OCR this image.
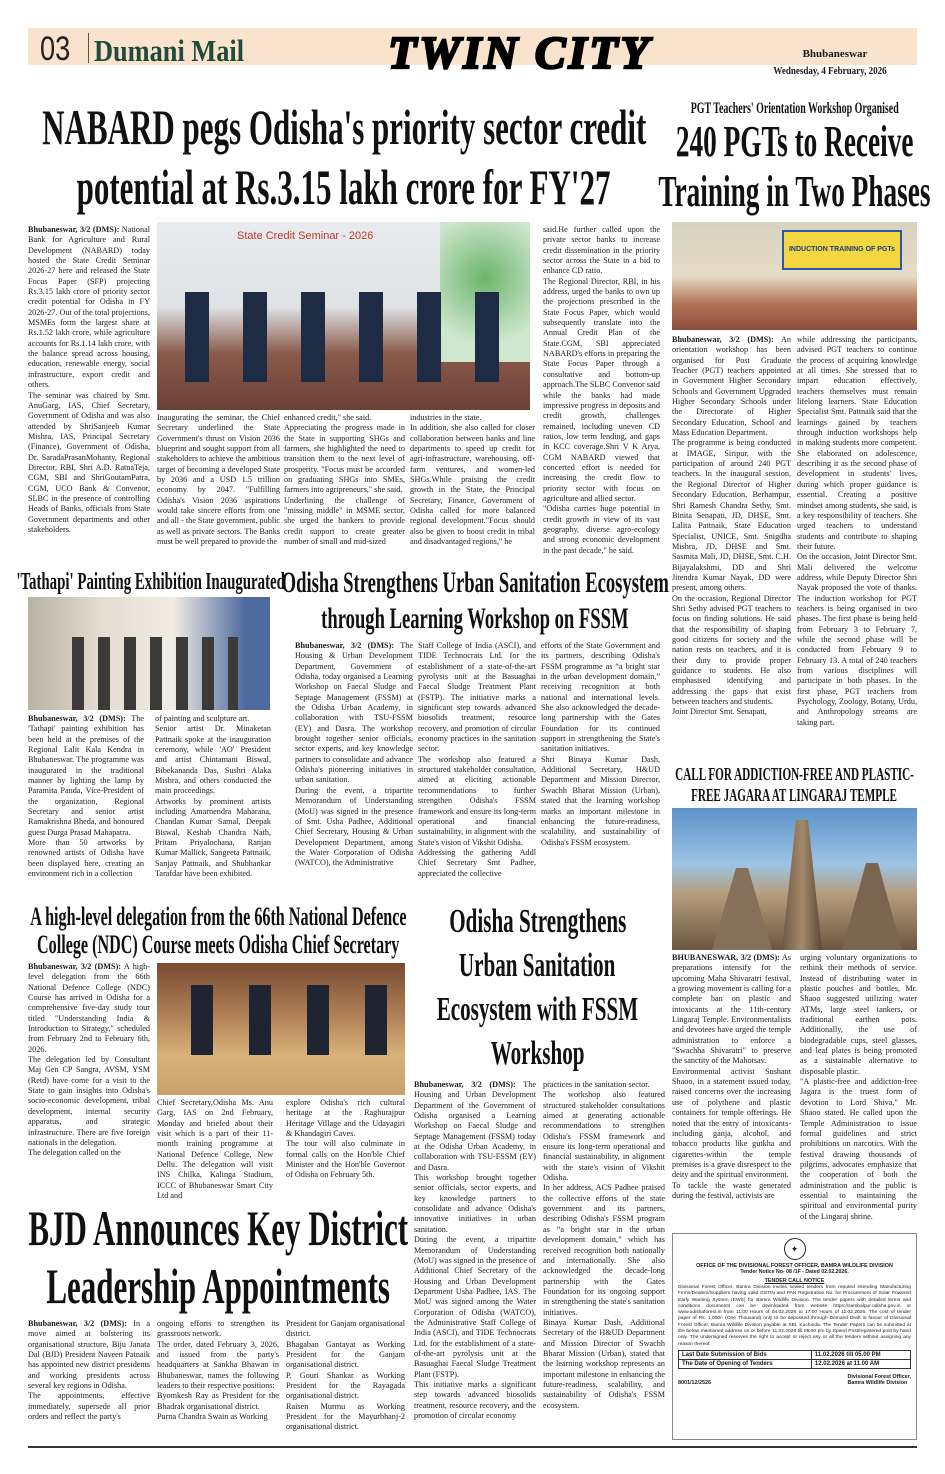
03 Dumani Mail	TWIN CITY	Bhubaneswar
Wednesday, 4 February, 2026
NABARD pegs Odisha's priority sector credit
potential at Rs.3.15 lakh crore for FY'27
State Credit Seminar - 2026

Bhubaneswar, 3/2 (DMS): National Bank for Agriculture and Rural Development (NABARD) today hosted the State Credit Seminar 2026-27 here and released the State Focus Paper (SFP) projecting Rs.3.15 lakh crore of priority sector credit potential for Odisha in FY 2026-27. Out of the total projections, MSMEs form the largest share at Rs.1.52 lakh crore, while agriculture accounts for Rs.1.14 lakh crore, with the balance spread across housing, education, renewable energy, social infrastructure, export credit and others.

The seminar was chaired by Smt. AnuGarg, IAS, Chief Secretary, Government of Odisha and was also attended by ShriSanjeeb Kumar Mishra, IAS, Principal Secretary (Finance), Government of Odisha, Dr. SaradaPrasanMohanty, Regional Director, RBI, Shri A.D. RatnaTeja, CGM, SBI and ShriGoutamPatra, CGM, UCO Bank & Convenor, SLBC in the presence of controlling Heads of Banks, officials from State Government departments and other stakeholders.

Inaugurating the seminar, the Chief Secretary underlined the State Government's thrust on Vision 2036 blueprint and sought support from all stakeholders to achieve the ambitious target of becoming a developed State by 2036 and a USD 1.5 trillion economy by 2047. "Fulfilling Odisha's Vision 2036 aspirations would take sincere efforts from one and all - the State government, public as well as private sectors. The Banks must be well prepared to provide the

enhanced credit," she said.

Appreciating the progress made in the State in supporting SHGs and farmers, she highlighted the need to transition them to the next level of prosperity. "Focus must be accorded on graduating SHGs into SMEs, farmers into agripreneurs," she said.

Underlining the challenge of "missing middle" in MSME sector, she urged the bankers to provide credit support to create greater number of small and mid-sized

industries in the state.

In addition, she also called for closer collaboration between banks and line departments to speed up credit for agri-infrastructure, warehousing, off-farm ventures, and women-led SHGs.While praising the credit growth in the State, the Principal Secretary, Finance, Government of Odisha called for more balanced regional development."Focus should also be given to boost credit in tribal and disadvantaged regions," he

said.He further called upon the private sector banks to increase credit dissemination in the priority sector across the State in a bid to enhance CD ratio.

The Regional Director, RBI, in his address, urged the banks to own up the projections prescribed in the State Focus Paper, which would subsequently translate into the Annual Credit Plan of the State.CGM, SBI appreciated NABARD's efforts in preparing the State Focus Paper through a consultative and bottom-up approach.The SLBC Convenor said while the banks had made impressive progress in deposits and credit growth, challenges remained, including uneven CD ratios, low term lending, and gaps in KCC coverage.Shri V K Arya, CGM NABARD viewed that concerted effort is needed for increasing the credit flow to priority sector with focus on agriculture and allied sector.

"Odisha carries huge potential in credit growth in view of its vast geography, diverse agro-ecology and strong economic development in the past decade," he said.

PGT Teachers' Orientation Workshop Organised
240 PGTs to Receive
Training in Two Phases
INDUCTION TRAINING OF PGTs

Bhubaneswar, 3/2 (DMS): An orientation workshop has been organised for Post Graduate Teacher (PGT) teachers appointed in Government Higher Secondary Schools and Government Upgraded Higher Secondary Schools under the Directorate of Higher Secondary Education, School and Mass Education Department.

The programme is being conducted at IMAGE, Siripur, with the participation of around 240 PGT teachers. In the inaugural session, the Regional Director of Higher Secondary Education, Berhampur, Shri Ramesh Chandra Sethy, Smt. Binita Senapati, JD, DHSE, Smt. Lalita Pattnaik, State Education Specialist, UNICE, Smt. Snigdha Mishra, JD, DHSE and Smt. Sasmita Mali, JD, DHSE, Smt. C.H. Bijayalakshmi, DD and Shri Jitendra Kumar Nayak, DD were present, among others.

On the occasion, Regional Director Shri Sethy advised PGT teachers to focus on finding solutions. He said that the responsibility of shaping good citizens for society and the nation rests on teachers, and it is their duty to provide proper guidance to students. He also emphasised identifying and addressing the gaps that exist between teachers and students.

Joint Director Smt. Senapati,

while addressing the participants, advised PGT teachers to continue the process of acquiring knowledge at all times. She stressed that to impart education effectively, teachers themselves must remain lifelong learners. State Education Specialist Smt. Pattnaik said that the learnings gained by teachers through induction workshops help in making students more competent. She elaborated on adolescence, describing it as the second phase of development in students' lives, during which proper guidance is essential. Creating a positive mindset among students, she said, is a key responsibility of teachers. She urged teachers to understand students and contribute to shaping their future.

On the occasion, Joint Director Smt. Mali delivered the welcome address, while Deputy Director Shri Nayak proposed the vote of thanks. The induction workshop for PGT teachers is being organised in two phases. The first phase is being held from February 3 to February 7, while the second phase will be conducted from February 9 to February 13. A total of 240 teachers from various disciplines will participate in both phases. In the first phase, PGT teachers from Psychology, Zoology, Botany, Urdu, and Anthropology streams are taking part.

'Tathapi' Painting Exhibition Inaugurated

Bhubaneswar, 3/2 (DMS): The 'Tathapi' painting exhibition has been held at the premises of the Regional Lalit Kala Kendra in Bhubaneswar. The programme was inaugurated in the traditional manner by lighting the lamp by Paramita Panda, Vice-President of the organization, Regional Secretary and senior artist Ramakrishna Bheda, and honoured guest Durga Prasad Mahapatra.

More than 50 artworks by renowned artists of Odisha have been displayed here, creating an environment rich in a collection

of painting and sculpture art.

Senior artist Dr. Minaketan Pattnaik spoke at the inauguration ceremony, while 'AO' President and artist Chintamani Biswal, Bibekananda Das, Sushri Alaka Mishra, and others conducted the main proceedings.

Artworks by prominent artists including Amarnendra Maharana, Chandan Kumar Samal, Deepak Biswal, Keshab Chandra Nath, Pritam Priyalochana, Ranjan Kumar Mallick, Sangeeta Pattnaik, Sanjay Pattnaik, and Shubhankar Tarafdar have been exhibited.

Odisha Strengthens Urban Sanitation Ecosystem
through Learning Workshop on FSSM

Bhubaneswar, 3/2 (DMS): The Housing & Urban Development Department, Government of Odisha, today organised a Learning Workshop on Faecal Sludge and Septage Management (FSSM) at the Odisha Urban Academy, in collaboration with TSU-FSSM (EY) and Dasra. The workshop brought together senior officials, sector experts, and key knowledge partners to consolidate and advance Odisha's pioneering initiatives in urban sanitation.

During the event, a tripartite Memorandum of Understanding (MoU) was signed in the presence of Smt. Usha Padhee, Additional Chief Secretary, Housing & Urban Development Department, among the Water Corporation of Odisha (WATCO), the Administrative

Staff College of India (ASCI), and TIDE Technocrats Ltd. for the establishment of a state-of-the-art pyrolysis unit at the Basuaghai Faecal Sludge Treatment Plant (FSTP). The initiative marks a significant step towards advanced biosolids treatment, resource recovery, and promotion of circular economy practices in the sanitation sector.

The workshop also featured a structured stakeholder consultation, aimed at eliciting actionable recommendations to further strengthen Odisha's FSSM framework and ensure its long-term operational and financial sustainability, in alignment with the State's vision of Vikshit Odisha.

Addressing the gathering Addl Chief Secretary Smt Padhee, appreciated the collective

efforts of the State Government and its partners, describing Odisha's FSSM programme as “a bright star in the urban development domain,” receiving recognition at both national and international levels. She also acknowledged the decade-long partnership with the Gates Foundation for its continued support in strengthening the State's sanitation initiatives.

Shri Binaya Kumar Dash, Additional Secretary, H&UD Department and Mission Director, Swachh Bharat Mission (Urban), stated that the learning workshop marks an important milestone in enhancing the future-readiness, scalability, and sustainability of Odisha's FSSM ecosystem.

A high-level delegation from the 66th National Defence
College (NDC) Course meets Odisha Chief Secretary

Bhubaneswar, 3/2 (DMS): A high-level delegation from the 66th National Defence College (NDC) Course has arrived in Odisha for a comprehensive five-day study tour titled "Understanding India & Introduction to Strategy," scheduled from February 2nd to February 6th, 2026.

The delegation led by Consultant Maj Gen CP Sangra, AVSM, YSM (Retd) have come for a visit to the State to gain insights into Odisha's socio-economic development, tribal development, internal security apparatus, and strategic infrastructure. There are five foreign nationals in the delegation.

The delegation called on the

Chief Secretary,Odisha Ms. Anu Garg, IAS on 2nd February, Monday and briefed about their visit which is a part of their 11-month training programme at National Defence College, New Delhi. The delegation will visit INS Chilka, Kalinga Stadium, ICCC of Bhubaneswar Smart City Ltd and

explore Odisha's rich cultural heritage at the Raghurajpur Heritage Village and the Udayagiri & Khandagiri Caves.

The tour will also culminate in formal calls on the Hon'ble Chief Minister and the Hon'ble Governor of Odisha on February 5th.

Odisha Strengthens
Urban Sanitation
Ecosystem with FSSM
Workshop

Bhubaneswar, 3/2 (DMS): The Housing and Urban Development Department of the Government of Odisha organised a Learning Workshop on Faecal Sludge and Septage Management (FSSM) today at the Odisha Urban Academy, in collaboration with TSU-FSSM (EY) and Dasra.

This workshop brought together senior officials, sector experts, and key knowledge partners to consolidate and advance Odisha's innovative initiatives in urban sanitation.

During the event, a tripartite Memorandum of Understanding (MoU) was signed in the presence of Additional Chief Secretary of the Housing and Urban Development Department Usha Padhee, IAS. The MoU was signed among the Water Corporation of Odisha (WATCO), the Administrative Staff College of India (ASCI), and TIDE Technocrats Ltd. for the establishment of a state-of-the-art pyrolysis unit at the Basuaghai Faecal Sludge Treatment Plant (FSTP).

This initiative marks a significant step towards advanced biosolids treatment, resource recovery, and the promotion of circular economy

practices in the sanitation sector.

The workshop also featured structured stakeholder consultations aimed at generating actionable recommendations to strengthen Odisha's FSSM framework and ensure its long-term operational and financial sustainability, in alignment with the state's vision of Vikshit Odisha.

In her address, ACS Padhee praised the collective efforts of the state government and its partners, describing Odisha's FSSM program as “a bright star in the urban development domain,” which has received recognition both nationally and internationally. She also acknowledged the decade-long partnership with the Gates Foundation for its ongoing support in strengthening the state's sanitation initiatives.

Binaya Kumar Dash, Additional Secretary of the H&UD Department and Mission Director of Swachh Bharat Mission (Urban), stated that the learning workshop represents an important milestone in enhancing the future-readiness, scalability, and sustainability of Odisha's FSSM ecosystem.

CALL FOR ADDICTION-FREE AND PLASTIC-
FREE JAGARA AT LINGARAJ TEMPLE

BHUBANESWAR, 3/2 (DMS): As preparations intensify for the upcoming Maha Shivaratri festival, a growing movement is calling for a complete ban on plastic and intoxicants at the 11th-century Lingaraj Temple. Environmentalists and devotees have urged the temple administration to enforce a "Swachha Shivaratri" to preserve the sanctity of the Mahotsav.

Environmental activist Sushant Shaoo, in a statement issued today, raised concerns over the increasing use of polythene and plastic containers for temple offerings. He noted that the entry of intoxicants-including ganja, alcohol, and tobacco products like gutkha and cigarettes-within the temple premises is a grave disrespect to the deity and the spiritual environment.

To tackle the waste generated during the festival, activists are

urging voluntary organizations to rethink their methods of service. Instead of distributing water in plastic pouches and bottles, Mr. Shaoo suggested utilizing water ATMs, large steel tankers, or traditional earthen pots. Additionally, the use of biodegradable cups, steel glasses, and leaf plates is being promoted as a sustainable alternative to disposable plastic.

"A plastic-free and addiction-free Jagara is the truest form of devotion to Lord Shiva," Mr. Shaoo stated. He called upon the Temple Administration to issue formal guidelines and strict prohibitions on narcotics. With the festival drawing thousands of pilgrims, advocates emphasize that the cooperation of both the administration and the public is essential to maintaining the spiritual and environmental purity of the Lingaraj shrine.

BJD Announces Key District
Leadership Appointments

Bhubaneswar, 3/2 (DMS): In a move aimed at bolstering its organisational structure, Biju Janata Dal (BJD) President Naveen Patnaik has appointed new district presidents and working presidents across several key regions in Odisha.

The appointments, effective immediately, supersede all prior orders and reflect the party's

ongoing efforts to strengthen its grassroots network.

The order, dated February 3, 2026, and issued from the party's headquarters at Sankha Bhawan in Bhubaneswar, names the following leaders to their respective positions:

Byomkesh Ray as President for the Bhadrak organisational district.

Purna Chandra Swain as Working

President for Ganjam organisational district.

Bhagaban Gantayat as Working President for the Ganjam organisational district.

P. Gouri Shankar as Working President for the Rayagada organisational district.

Raisen Murmu as Working President for the Mayurbhanj-2 organisational district.

✦
OFFICE OF THE DIVISIONAL FOREST OFFICER, BAMRA WILDLIFE DIVISION
Tender Notice No- 08 /1F - Dated 02.02.2026.
TENDER CALL NOTICE
Divisional Forest Officer, Bamra Division invites sealed tenders from reputed intending Manufacturing Firms/Dealers/Suppliers having valid GSTIN and PAN Registration No. for Procurement of Solar Powered Early Warning System (EWS) for Bamra Wildlife Division. The tender papers with detailed terms and conditions documents can be downloaded from website https://sambalpur.odisha.gov.in or www.odishaforest.in from 11:00 Hours of 04.02.2026 to 17:00 Hours of 11.02.2026. The cost of tender paper of Rs. 1,000/- (One Thousand) only to be deposited through Demand Draft in favour of Divisional Forest Officer, Bamra Wildlife Division payable at SBI, Kuchinda. The Tender Papers can be submitted at the below mentioned address on or before 11.02.2026 till 05:00 pm by Speed Post/registered post by hand only. The undersigned reserves the right to accept or reject any or all the tenders without assigning any reason thereof.
Last Date Submission of Bids	11.02.2026 till 05.00 PM
The Date of Opening of Tenders	12.02.2026 at 11.00 AM
8001/12/2526
Divisional Forest Officer,
Bamra Wildlife Division
